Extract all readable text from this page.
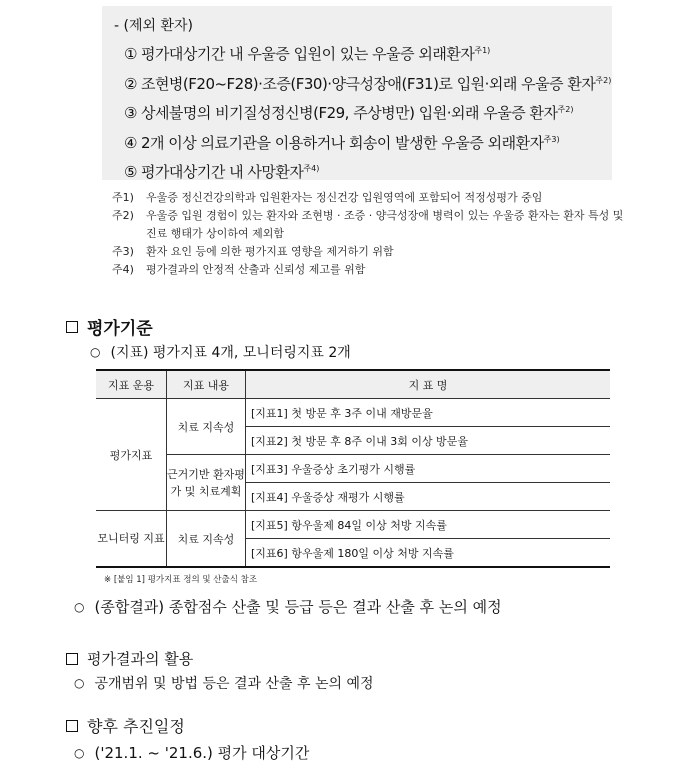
- (제외 환자)
① 평가대상기간 내 우울증 입원이 있는 우울증 외래환자$^{주1)}$
② 조현병(F20~F28)·조증(F30)·양극성장애(F31)로 입원·외래 우울증 환자$^{주2)}$
③ 상세불명의 비기질성정신병(F29, 주상병만) 입원·외래 우울증 환자$^{주2)}$
④ 2개 이상 의료기관을 이용하거나 회송이 발생한 우울증 외래환자$^{주3)}$
⑤ 평가대상기간 내 사망환자$^{주4)}$
주1)	우울증 정신건강의학과 입원환자는 정신건강 입원영역에 포함되어 적정성평가 중임
주2)	우울증 입원 경험이 있는 환자와 조현병 · 조증 · 양극성장애 병력이 있는 우울증 환자는 환자 특성 및 진료 행태가 상이하여 제외함
주3)	환자 요인 등에 의한 평가지표 영향을 제거하기 위함
주4)	평가결과의 안정적 산출과 신뢰성 제고를 위함
평가기준
○ (지표) 평가지표 4개, 모니터링지표 2개
지표 운용	지표 내용	지 표 명
평가지표	치료 지속성	[지표1] 첫 방문 후 3주 이내 재방문율
		[지표2] 첫 방문 후 8주 이내 3회 이상 방문율
	근거기반 환자평가 및 치료계획	[지표3] 우울증상 초기평가 시행률
		[지표4] 우울증상 재평가 시행률
모니터링 지표	치료 지속성	[지표5] 항우울제 84일 이상 처방 지속률
		[지표6] 항우울제 180일 이상 처방 지속률
※ [붙임 1] 평가지표 정의 및 산출식 참조
○ (종합결과) 종합점수 산출 및 등급 등은 결과 산출 후 논의 예정
평가결과의 활용
○ 공개범위 및 방법 등은 결과 산출 후 논의 예정
향후 추진일정
○ ('21.1. ~ '21.6.) 평가 대상기간
